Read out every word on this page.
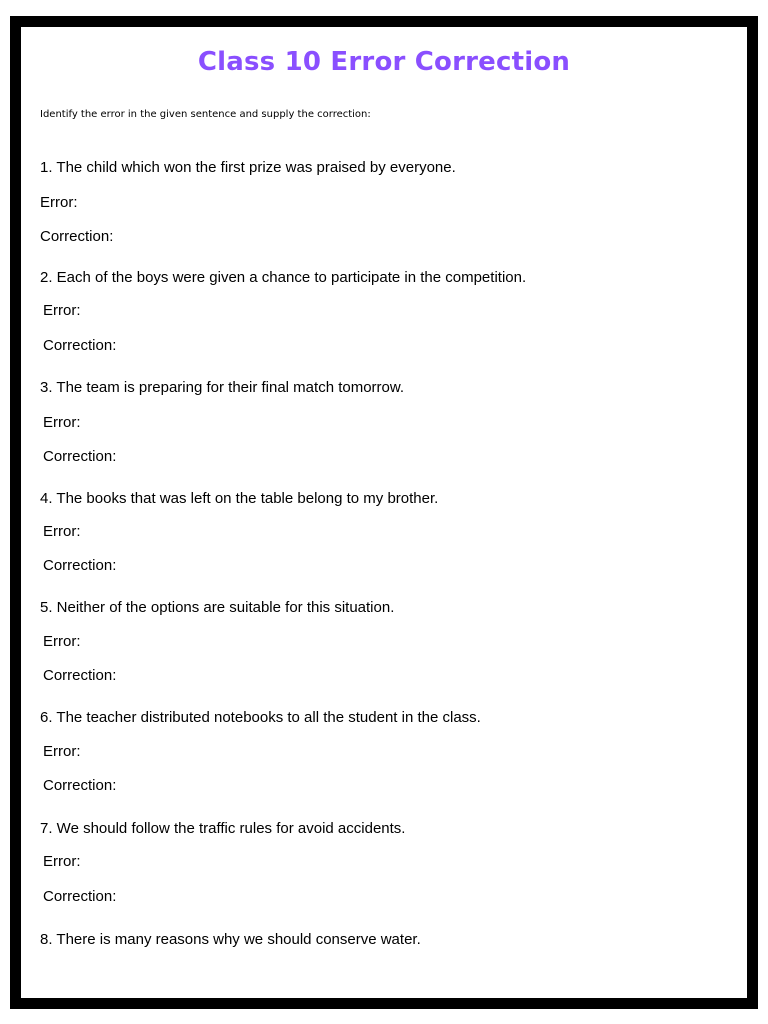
Class 10 Error Correction
Identify the error in the given sentence and supply the correction:
1. The child which won the first prize was praised by everyone.
Error:
Correction:
2. Each of the boys were given a chance to participate in the competition.
Error:
Correction:
3. The team is preparing for their final match tomorrow.
Error:
Correction:
4. The books that was left on the table belong to my brother.
Error:
Correction:
5. Neither of the options are suitable for this situation.
Error:
Correction:
6. The teacher distributed notebooks to all the student in the class.
Error:
Correction:
7. We should follow the traffic rules for avoid accidents.
Error:
Correction:
8. There is many reasons why we should conserve water.
